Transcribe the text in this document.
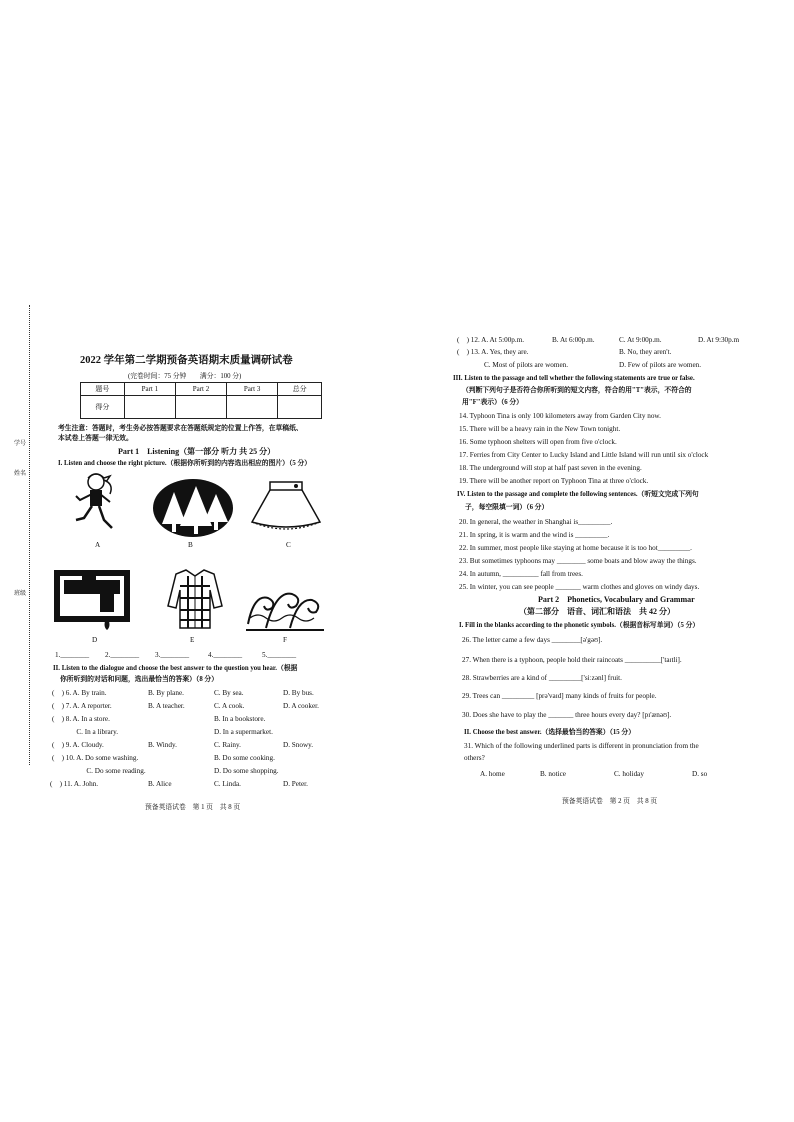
学号
姓名
班级
2022 学年第二学期预备英语期末质量调研试卷
(完卷时间：75 分钟　　满分：100 分)
题号	Part 1	Part 2	Part 3	总分
得分				
考生注意：答题时，考生务必按答题要求在答题纸规定的位置上作答，在草稿纸、
本试卷上答题一律无效。
Part 1　Listening（第一部分 听力 共 25 分）
I. Listen and choose the right picture.（根据你所听到的内容选出相应的图片）（5 分）
A	B	C
D	E	F
1.________ 2.________ 3.________	4.________	5.________
II. Listen to the dialogue and choose the best answer to the question you hear.（根据
你所听到的对话和问题，选出最恰当的答案）（8 分）
(　) 6. A. By train.	B. By plane.	C. By sea.	D. By bus.
(　) 7. A. A reporter.	B. A teacher.	C. A cook.	D. A cooker.
(　) 8. A. In a store.	B. In a bookstore.
　　C. In a library.	D. In a supermarket.
(　) 9. A. Cloudy.	B. Windy.	C. Rainy.	D. Snowy.
(　) 10. A. Do some washing.	B. Do some cooking.
　　C. Do some reading.	D. Do some shopping.
(　) 11. A. John.	B. Alice	C. Linda.	D. Peter.
预备英语试卷　第 1 页　共 8 页
(　) 12. A. At 5:00p.m.	B. At 6:00p.m.	C. At 9:00p.m.	D. At 9:30p.m
(　) 13. A. Yes, they are.	B. No, they aren't.
C. Most of pilots are women.	D. Few of pilots are women.
III. Listen to the passage and tell whether the following statements are true or false.
（判断下列句子是否符合你所听到的短文内容，符合的用"T"表示，不符合的
用"F"表示）（6 分）
14. Typhoon Tina is only 100 kilometers away from Garden City now.
15. There will be a heavy rain in the New Town tonight.
16. Some typhoon shelters will open from five o'clock.
17. Ferries from City Center to Lucky Island and Little Island will run until six o'clock
18. The underground will stop at half past seven in the evening.
19. There will be another report on Typhoon Tina at three o'clock.
IV. Listen to the passage and complete the following sentences.（听短文完成下列句
子，每空限填一词）（6 分）
20. In general, the weather in Shanghai is_________.
21. In spring, it is warm and the wind is _________.
22. In summer, most people like staying at home because it is too hot_________.
23. But sometimes typhoons may ________ some boats and blow away the things.
24. In autumn, __________ fall from trees.
25. In winter, you can see people _______ warm clothes and gloves on windy days.
Part 2　Phonetics, Vocabulary and Grammar
（第二部分　语音、词汇和语法　共 42 分）
I. Fill in the blanks according to the phonetic symbols.（根据音标写单词）（5 分）
26. The letter came a few days ________[ə'gəʊ].
27. When there is a typhoon, people hold their raincoats __________['taɪtli].
28. Strawberries are a kind of _________['siːzənl] fruit.
29. Trees can _________ [prə'vaɪd] many kinds of fruits for people.
30. Does she have to play the _______ three hours every day? [pɪ'ænəʊ].
II. Choose the best answer.（选择最恰当的答案）（15 分）
31. Which of the following underlined parts is different in pronunciation from the
others?
A. home	B. notice	C. holiday	D. so
预备英语试卷　第 2 页　共 8 页
